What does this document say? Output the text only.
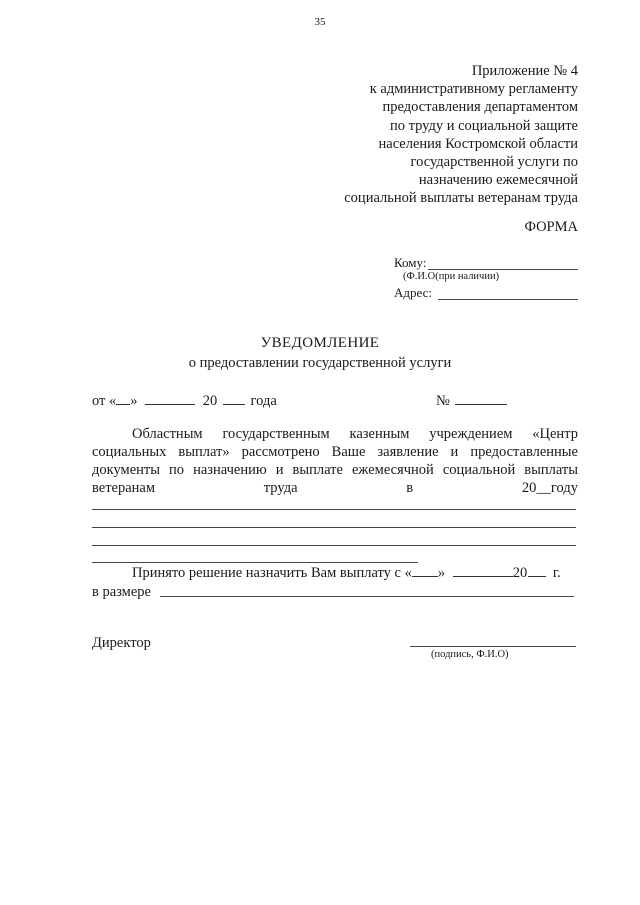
35
Приложение № 4
к административному регламенту
предоставления департаментом
по труду и социальной защите
населения Костромской области
государственной услуги по
назначению ежемесячной
социальной выплаты ветеранам труда
ФОРМА
Кому:
(Ф.И.О(при наличии)
Адрес:
УВЕДОМЛЕНИЕ
о предоставлении государственной услуги
от « »	20 года	№
Областным государственным казенным учреждением «Центр
социальных выплат» рассмотрено Ваше заявление и предоставленные
документы по назначению и выплате ежемесячной социальной выплаты
ветеранам	труда	в	20__году
Принято решение назначить Вам выплату с « »	20 г.
в размере
Директор
(подпись, Ф.И.О)
